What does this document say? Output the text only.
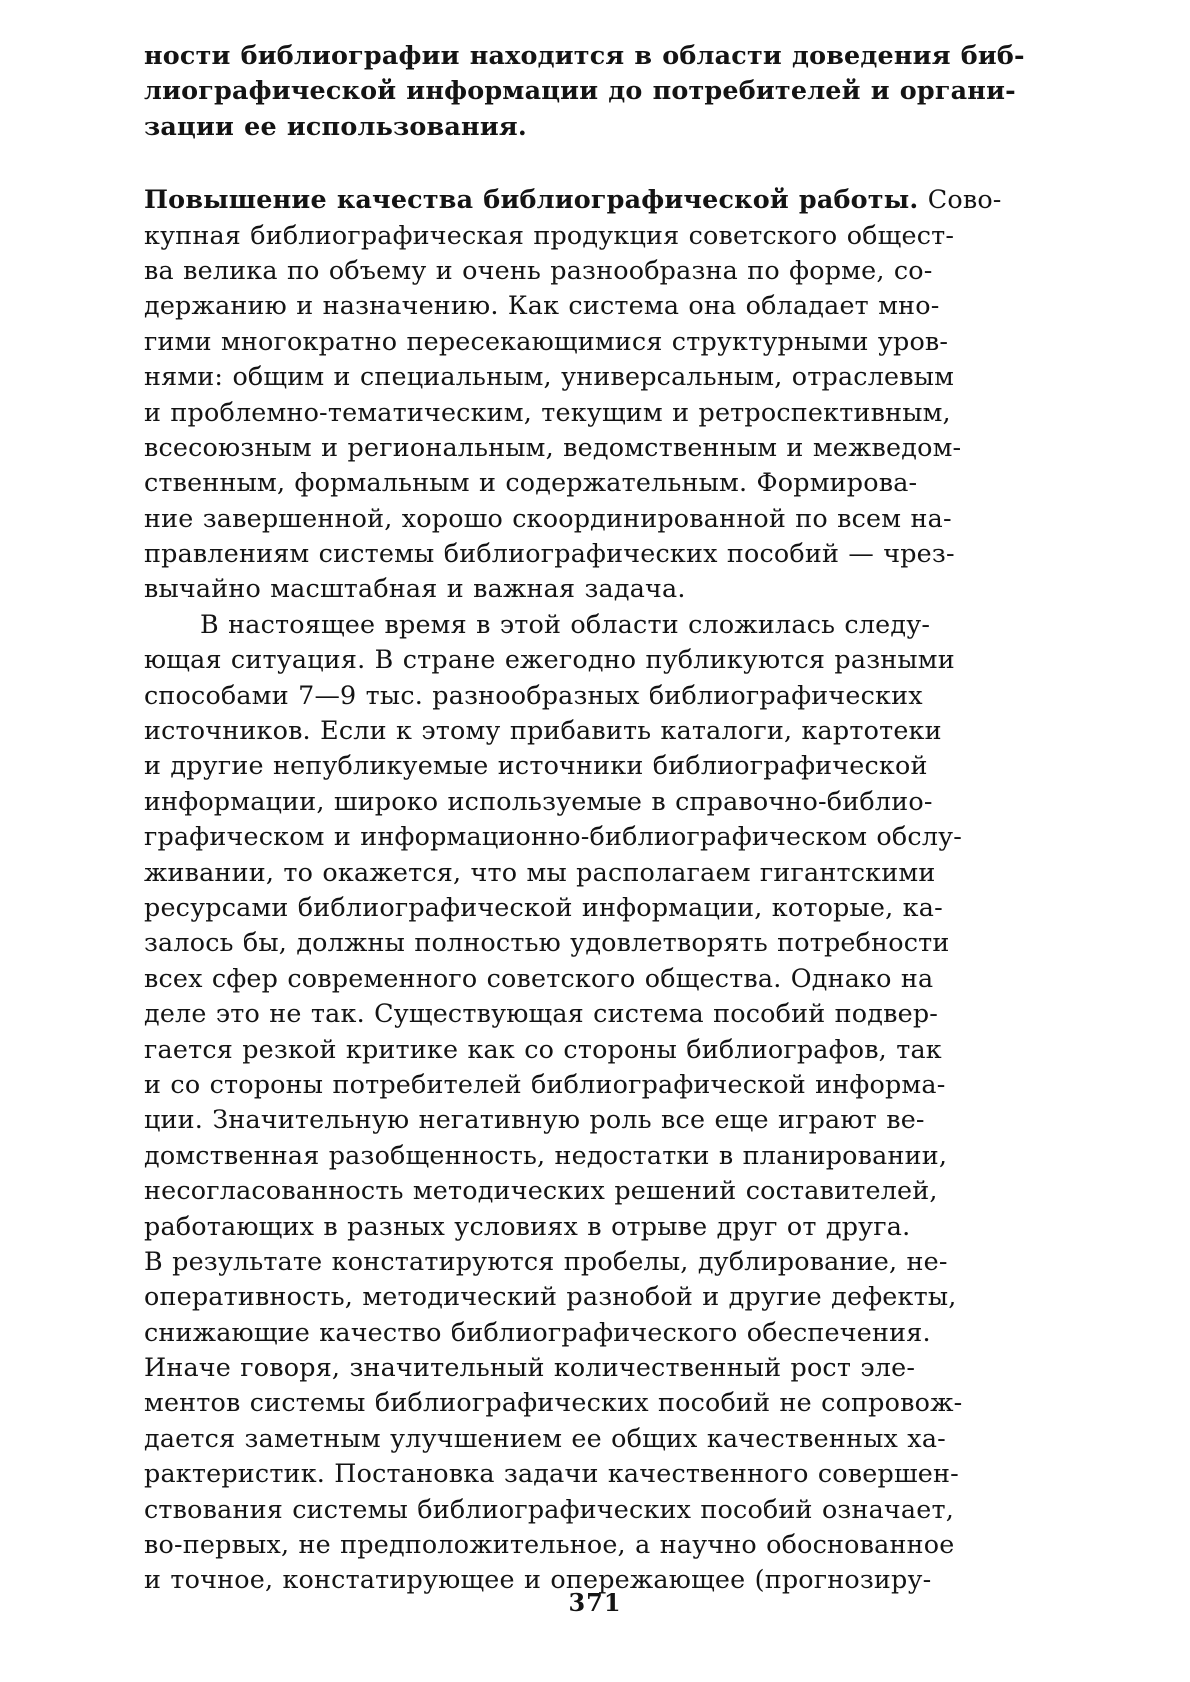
ности библиографии находится в области доведения биб-
лиографической информации до потребителей и органи-
зации ее использования.
Повышение качества библиографической работы. Сово-
купная библиографическая продукция советского общест-
ва велика по объему и очень разнообразна по форме, со-
держанию и назначению. Как система она обладает мно-
гими многократно пересекающимися структурными уров-
нями: общим и специальным, универсальным, отраслевым
и проблемно-тематическим, текущим и ретроспективным,
всесоюзным и региональным, ведомственным и межведом-
ственным, формальным и содержательным. Формирова-
ние завершенной, хорошо скоординированной по всем на-
правлениям системы библиографических пособий — чрез-
вычайно масштабная и важная задача.
В настоящее время в этой области сложилась следу-
ющая ситуация. В стране ежегодно публикуются разными
способами 7—9 тыс. разнообразных библиографических
источников. Если к этому прибавить каталоги, картотеки
и другие непубликуемые источники библиографической
информации, широко используемые в справочно-библио-
графическом и информационно-библиографическом обслу-
живании, то окажется, что мы располагаем гигантскими
ресурсами библиографической информации, которые, ка-
залось бы, должны полностью удовлетворять потребности
всех сфер современного советского общества. Однако на
деле это не так. Существующая система пособий подвер-
гается резкой критике как со стороны библиографов, так
и со стороны потребителей библиографической информа-
ции. Значительную негативную роль все еще играют ве-
домственная разобщенность, недостатки в планировании,
несогласованность методических решений составителей,
работающих в разных условиях в отрыве друг от друга.
В результате констатируются пробелы, дублирование, не-
оперативность, методический разнобой и другие дефекты,
снижающие качество библиографического обеспечения.
Иначе говоря, значительный количественный рост эле-
ментов системы библиографических пособий не сопровож-
дается заметным улучшением ее общих качественных ха-
рактеристик. Постановка задачи качественного совершен-
ствования системы библиографических пособий означает,
во-первых, не предположительное, а научно обоснованное
и точное, констатирующее и опережающее (прогнозиру-
371
